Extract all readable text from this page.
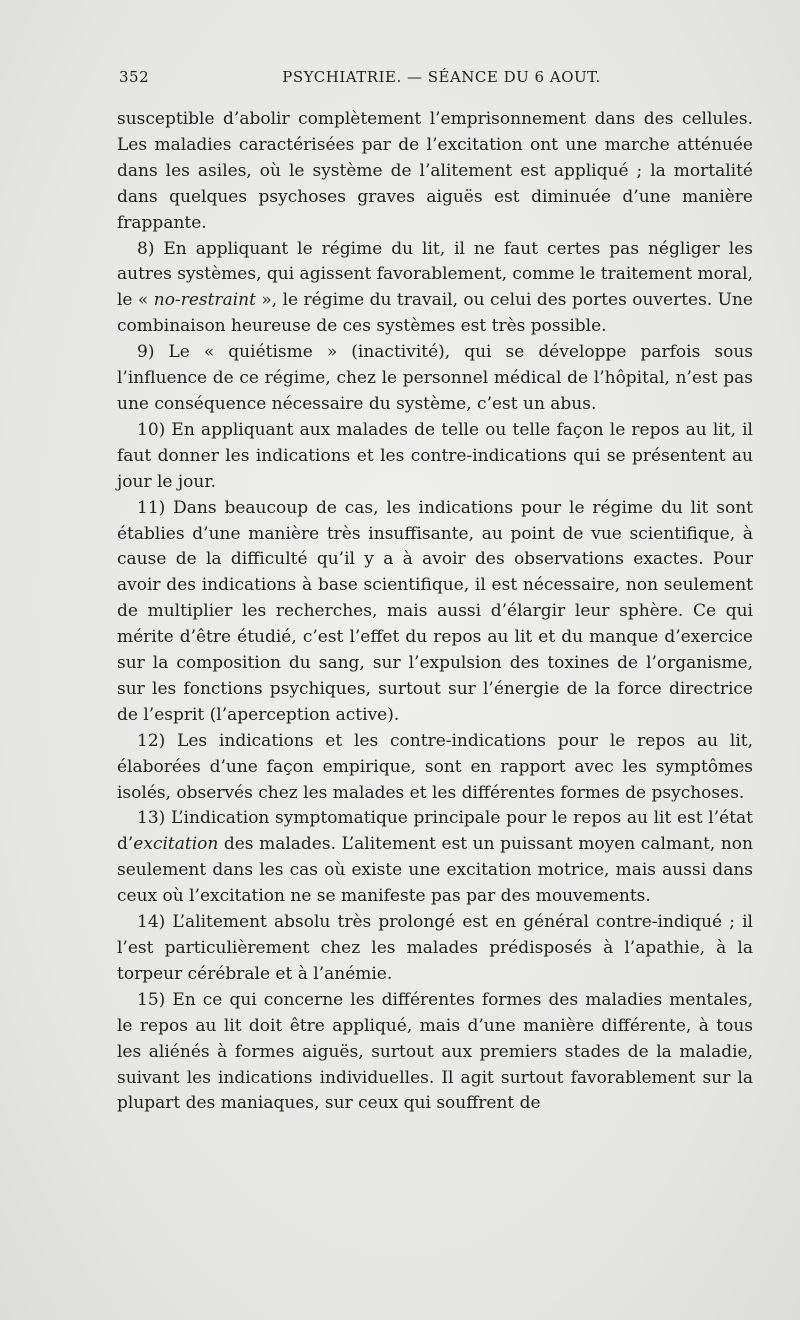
352	PSYCHIATRIE. — SÉANCE DU 6 AOUT.

susceptible d’abolir complètement l’emprisonnement dans des cellules. Les maladies caractérisées par de l’excitation ont une marche atténuée dans les asiles, où le système de l’alitement est appliqué ; la mortalité dans quelques psychoses graves aiguës est diminuée d’une manière frappante.

8) En appliquant le régime du lit, il ne faut certes pas négliger les autres systèmes, qui agissent favorablement, comme le traitement moral, le « no-restraint », le régime du travail, ou celui des portes ouvertes. Une combinaison heureuse de ces systèmes est très possible.

9) Le « quiétisme » (inactivité), qui se développe parfois sous l’influence de ce régime, chez le personnel médical de l’hôpital, n’est pas une conséquence nécessaire du système, c’est un abus.

10) En appliquant aux malades de telle ou telle façon le repos au lit, il faut donner les indications et les contre-indications qui se présentent au jour le jour.

11) Dans beaucoup de cas, les indications pour le régime du lit sont établies d’une manière très insuffisante, au point de vue scientifique, à cause de la difficulté qu’il y a à avoir des observations exactes. Pour avoir des indications à base scientifique, il est nécessaire, non seulement de multiplier les recherches, mais aussi d’élargir leur sphère. Ce qui mérite d’être étudié, c’est l’effet du repos au lit et du manque d’exercice sur la composition du sang, sur l’expulsion des toxines de l’organisme, sur les fonctions psychiques, surtout sur l’énergie de la force directrice de l’esprit (l’aperception active).

12) Les indications et les contre-indications pour le repos au lit, élaborées d’une façon empirique, sont en rapport avec les symptômes isolés, observés chez les malades et les différentes formes de psychoses.

13) L’indication symptomatique principale pour le repos au lit est l’état d’excitation des malades. L’alitement est un puissant moyen calmant, non seulement dans les cas où existe une excitation motrice, mais aussi dans ceux où l’excitation ne se manifeste pas par des mouvements.

14) L’alitement absolu très prolongé est en général contre-indiqué ; il l’est particulièrement chez les malades prédisposés à l’apathie, à la torpeur cérébrale et à l’anémie.

15) En ce qui concerne les différentes formes des maladies mentales, le repos au lit doit être appliqué, mais d’une manière différente, à tous les aliénés à formes aiguës, surtout aux premiers stades de la maladie, suivant les indications individuelles. Il agit surtout favorablement sur la plupart des maniaques, sur ceux qui souffrent de
